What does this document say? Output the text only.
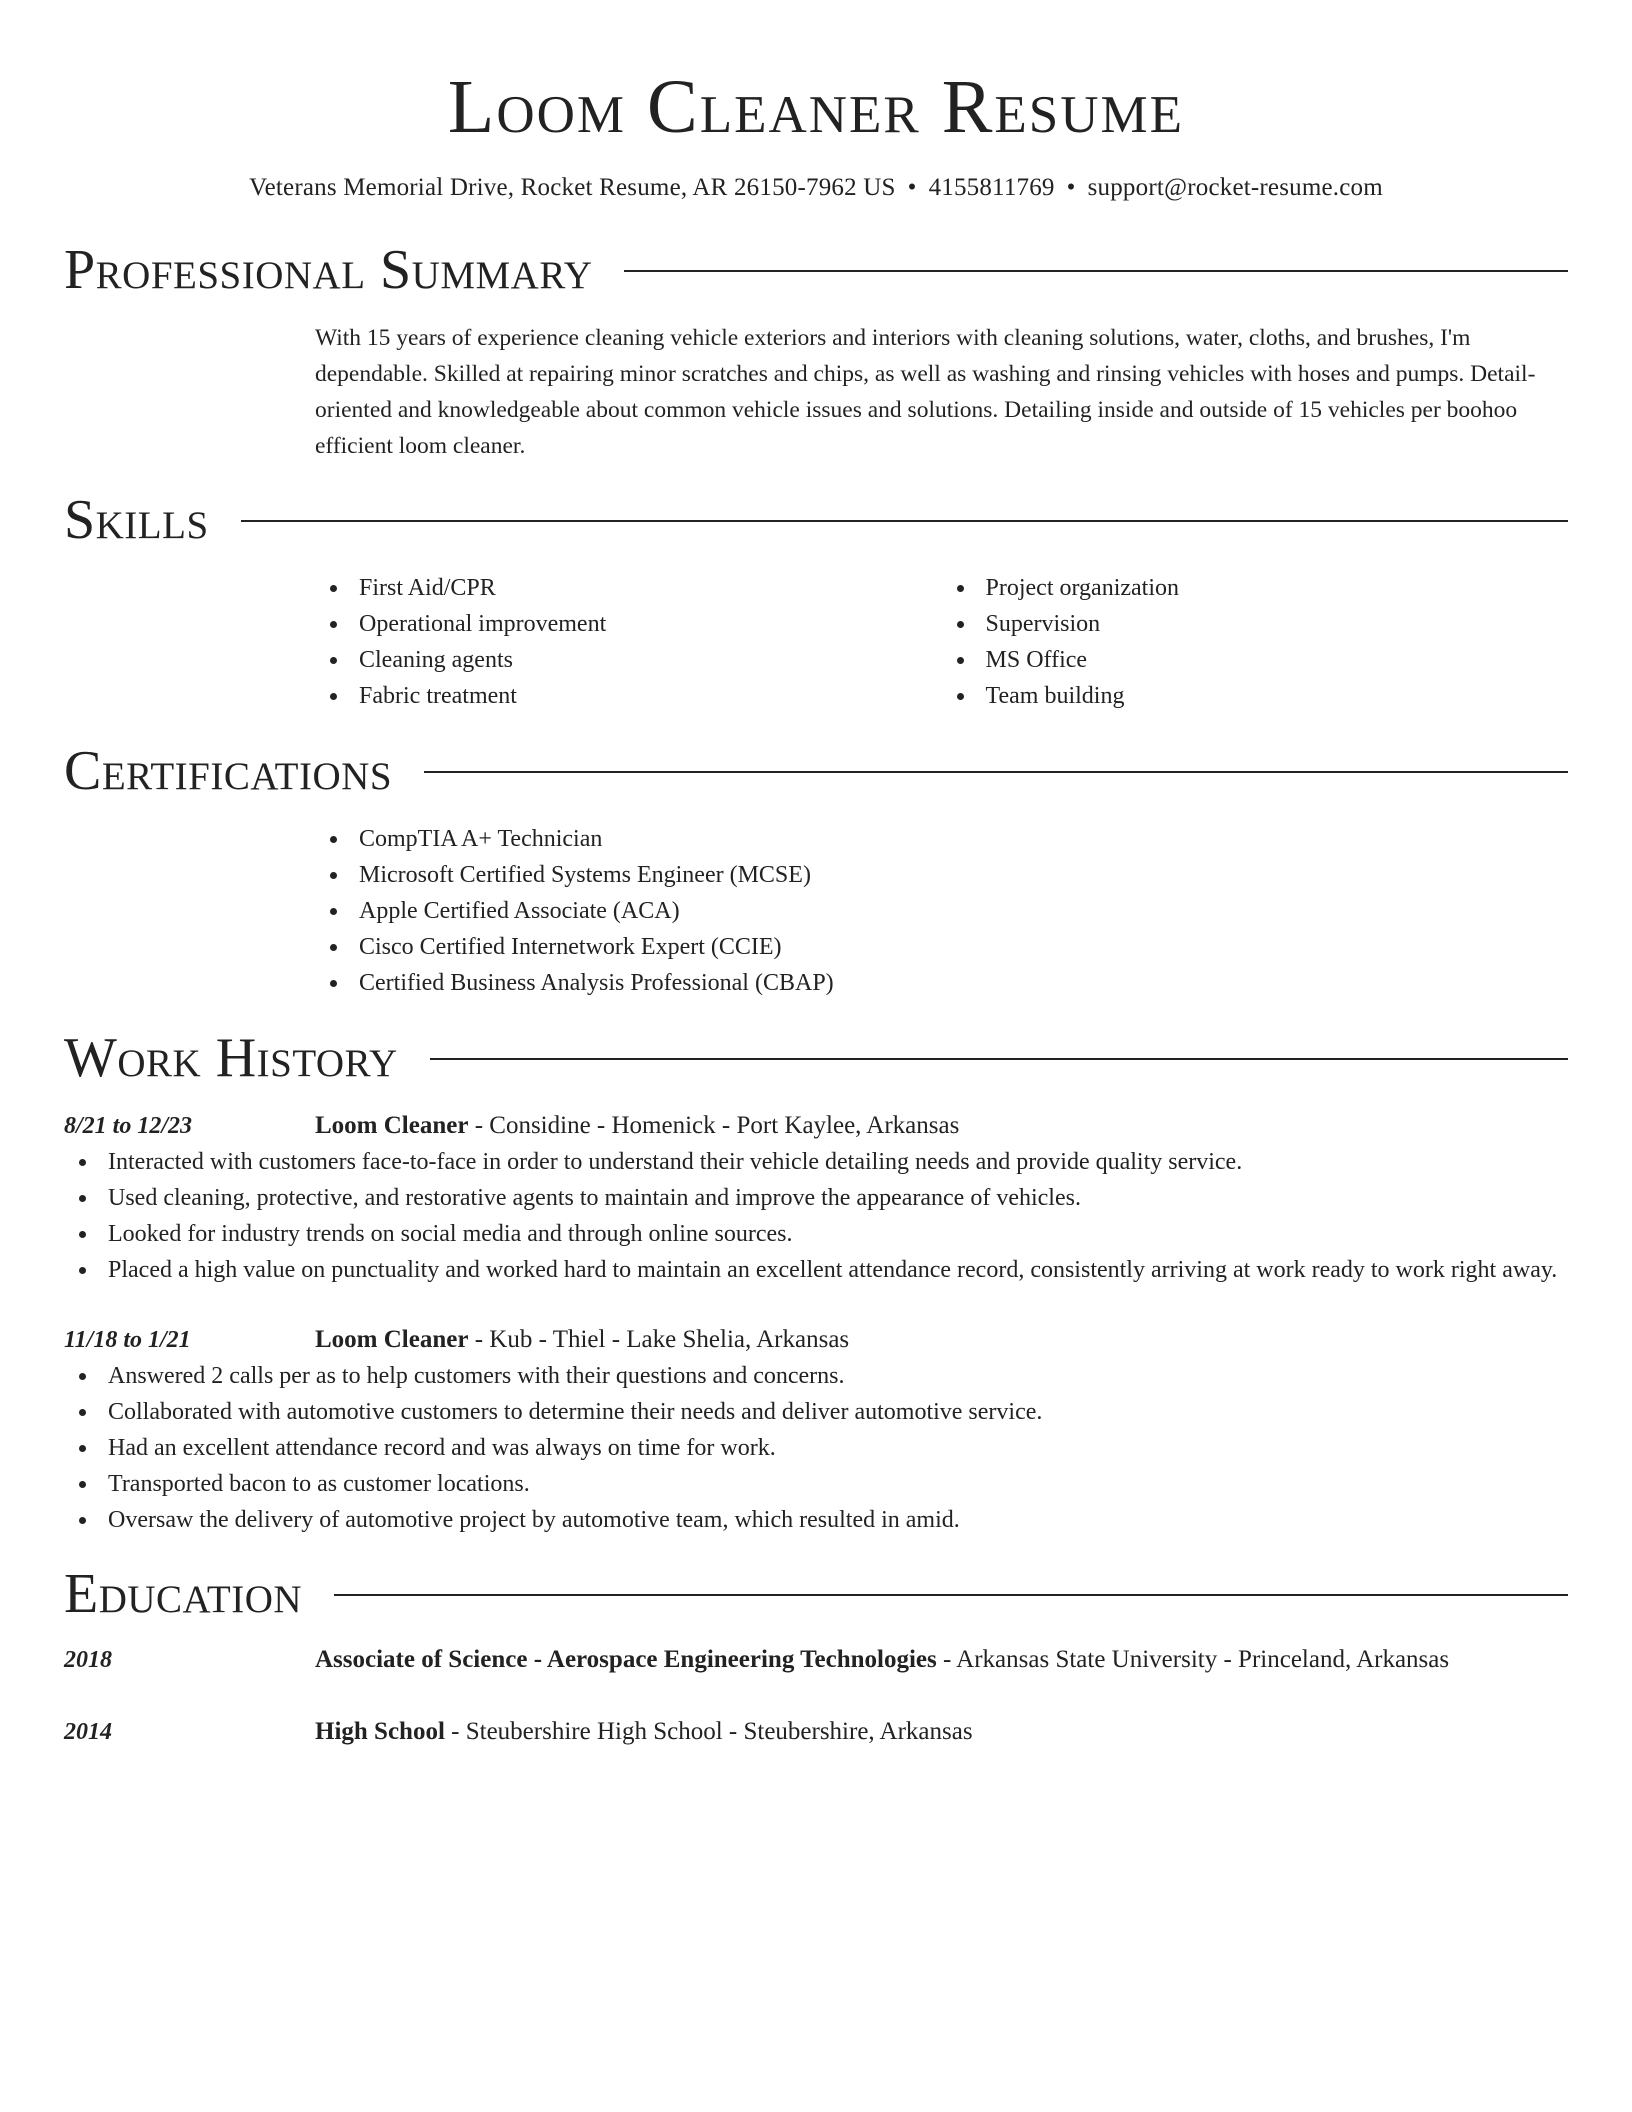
Loom Cleaner Resume
Veterans Memorial Drive, Rocket Resume, AR 26150-7962 US • 4155811769 • support@rocket-resume.com
Professional Summary

With 15 years of experience cleaning vehicle exteriors and interiors with cleaning solutions, water, cloths, and brushes, I'm dependable. Skilled at repairing minor scratches and chips, as well as washing and rinsing vehicles with hoses and pumps. Detail-oriented and knowledgeable about common vehicle issues and solutions. Detailing inside and outside of 15 vehicles per boohoo efficient loom cleaner.

Skills
First Aid/CPR
Operational improvement
Cleaning agents
Fabric treatment
Project organization
Supervision
MS Office
Team building
Certifications
CompTIA A+ Technician
Microsoft Certified Systems Engineer (MCSE)
Apple Certified Associate (ACA)
Cisco Certified Internetwork Expert (CCIE)
Certified Business Analysis Professional (CBAP)
Work History
8/21 to 12/23	Loom Cleaner - Considine - Homenick - Port Kaylee, Arkansas
Interacted with customers face-to-face in order to understand their vehicle detailing needs and provide quality service.
Used cleaning, protective, and restorative agents to maintain and improve the appearance of vehicles.
Looked for industry trends on social media and through online sources.
Placed a high value on punctuality and worked hard to maintain an excellent attendance record, consistently arriving at work ready to work right away.
11/18 to 1/21	Loom Cleaner - Kub - Thiel - Lake Shelia, Arkansas
Answered 2 calls per as to help customers with their questions and concerns.
Collaborated with automotive customers to determine their needs and deliver automotive service.
Had an excellent attendance record and was always on time for work.
Transported bacon to as customer locations.
Oversaw the delivery of automotive project by automotive team, which resulted in amid.
Education
2018	Associate of Science - Aerospace Engineering Technologies - Arkansas State University - Princeland, Arkansas
2014	High School - Steubershire High School - Steubershire, Arkansas
